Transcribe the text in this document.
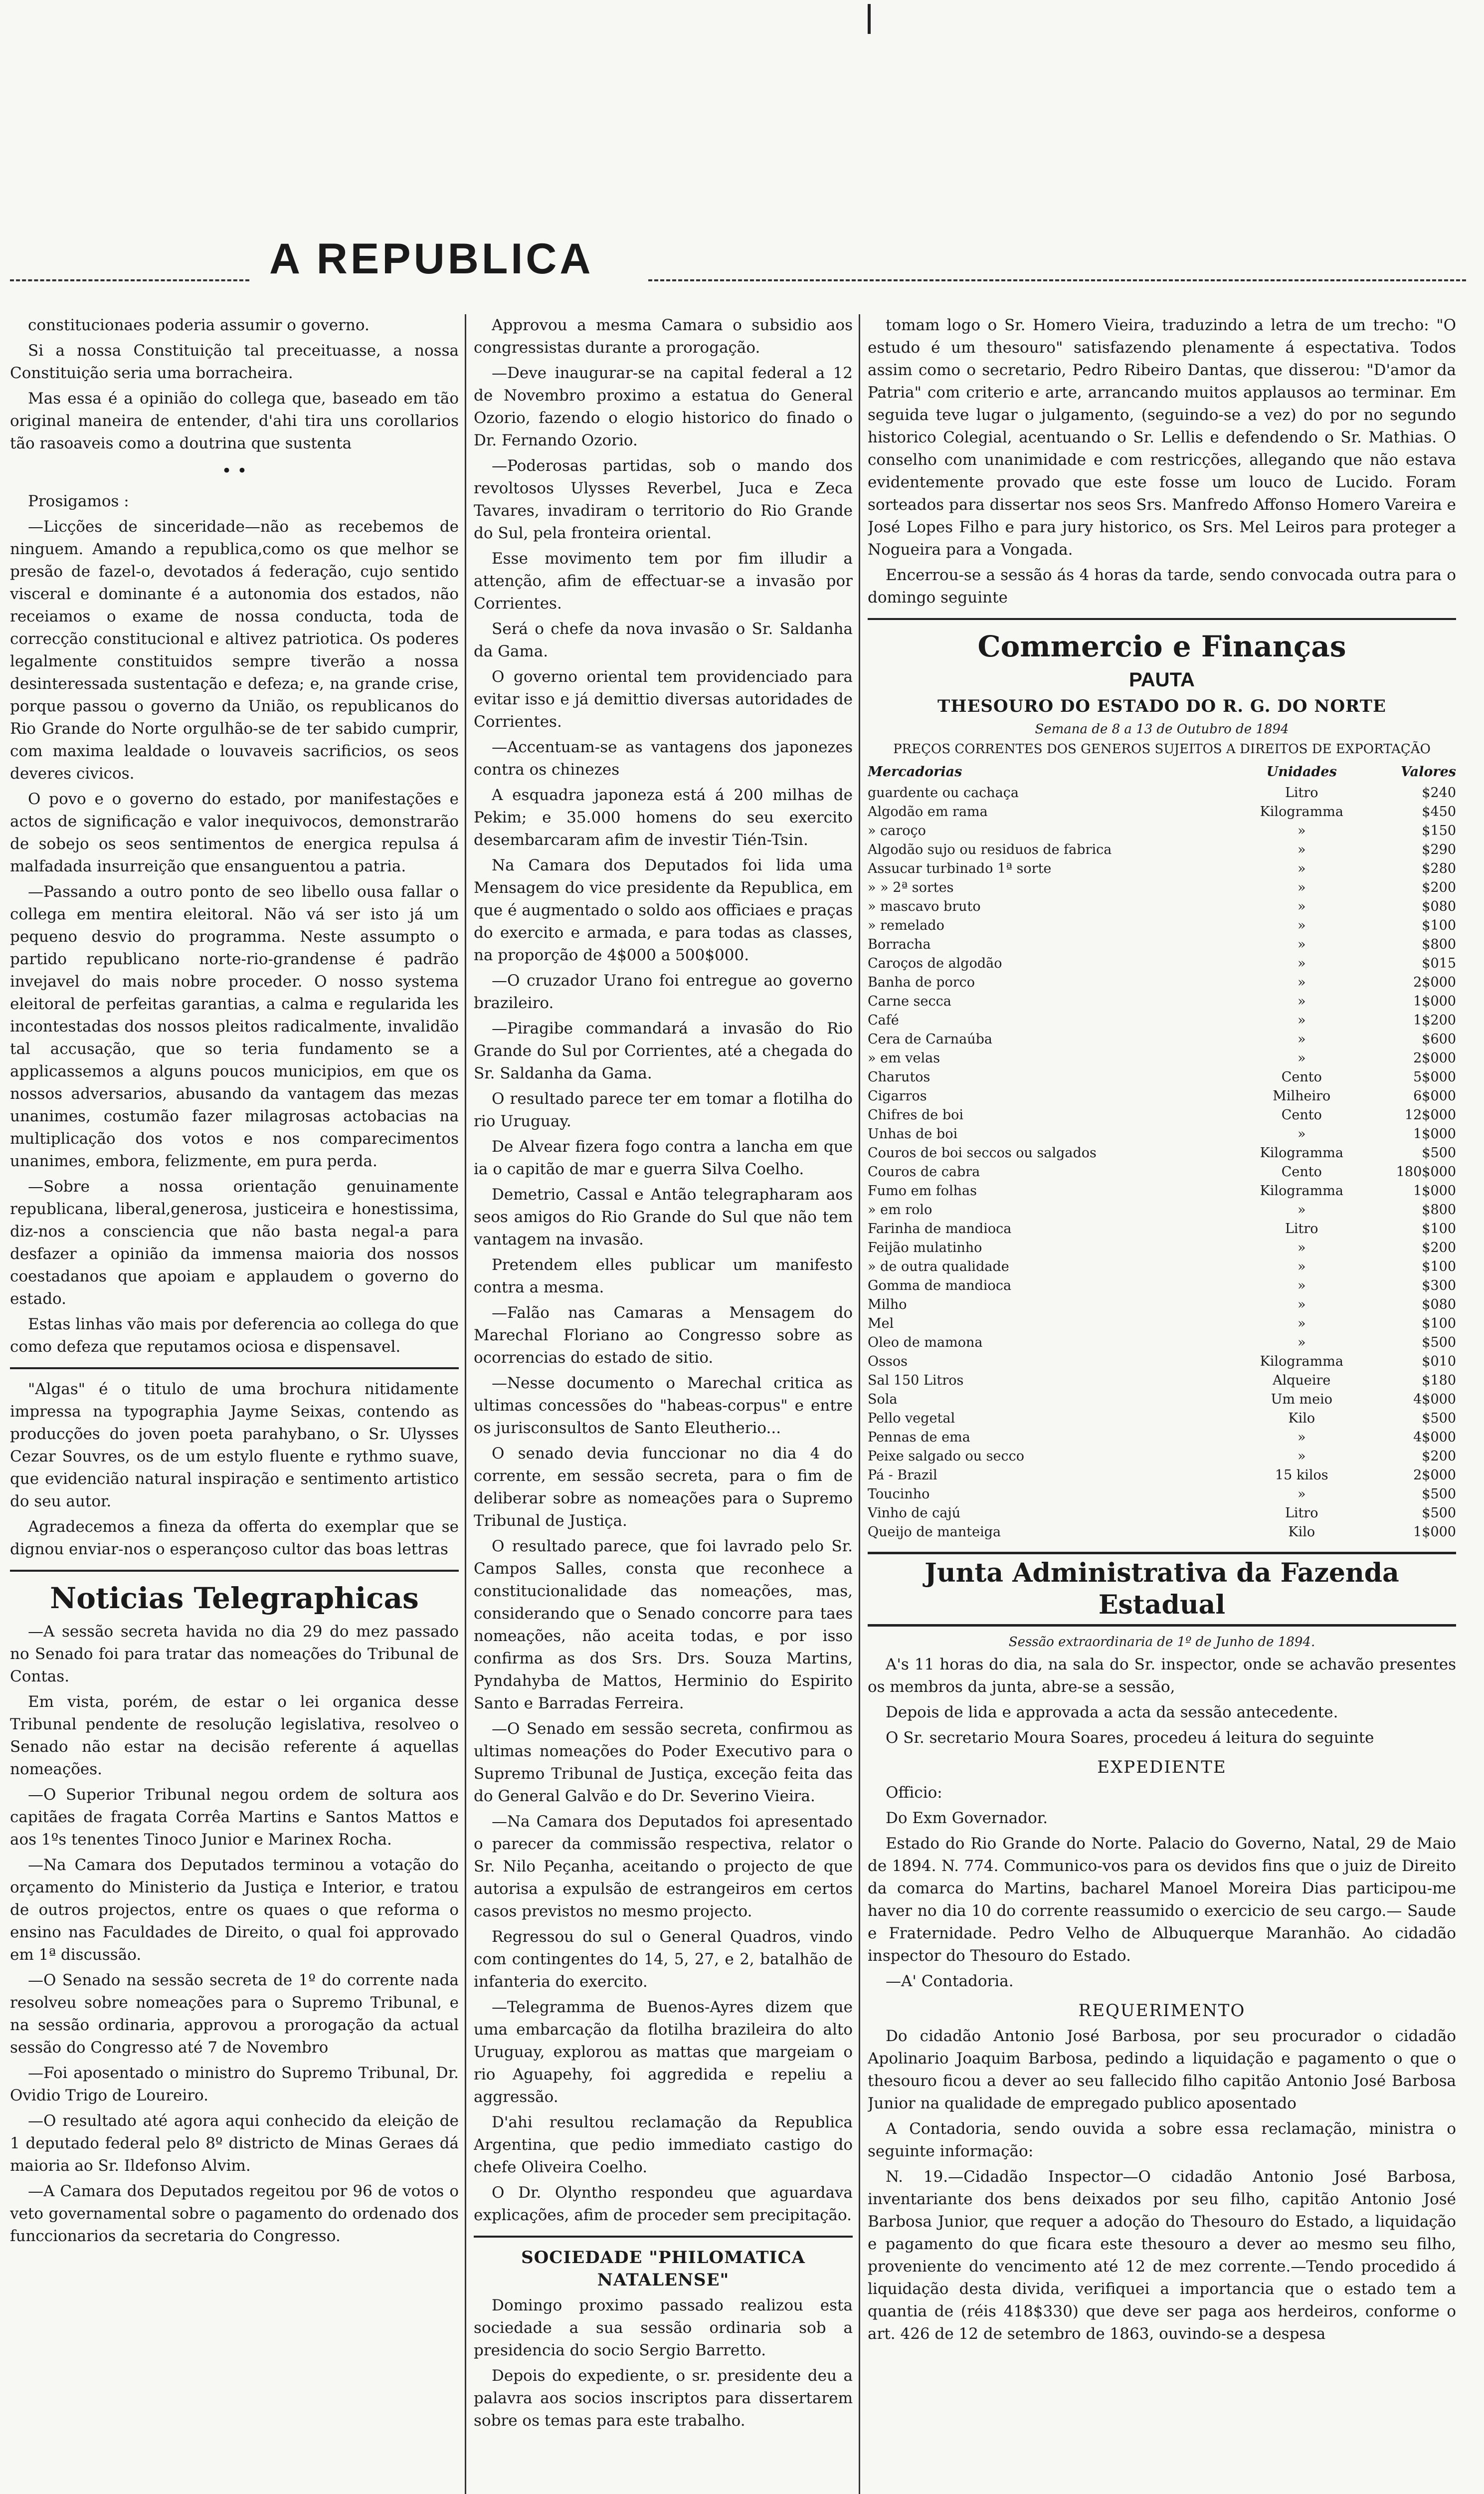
A REPUBLICA

constitucionaes poderia assumir o governo.

Si a nossa Constituição tal preceituasse, a nossa Constituição seria uma borracheira.

Mas essa é a opinião do collega que, baseado em tão original maneira de entender, d'ahi tira uns corollarios tão rasoaveis como a doutrina que sustenta

• •

Prosigamos :

—Licções de sinceridade—não as recebemos de ninguem. Amando a republica,como os que melhor se presão de fazel-o, devotados á federação, cujo sentido visceral e dominante é a autonomia dos estados, não receiamos o exame de nossa conducta, toda de correcção constitucional e altivez patriotica. Os poderes legalmente constituidos sempre tiverão a nossa desinteressada sustentação e defeza; e, na grande crise, porque passou o governo da União, os republicanos do Rio Grande do Norte orgulhão-se de ter sabido cumprir, com maxima lealdade o louvaveis sacrificios, os seos deveres civicos.

O povo e o governo do estado, por manifestações e actos de significação e valor inequivocos, demonstrarão de sobejo os seos sentimentos de energica repulsa á malfadada insurreição que ensanguentou a patria.

—Passando a outro ponto de seo libello ousa fallar o collega em mentira eleitoral. Não vá ser isto já um pequeno desvio do programma. Neste assumpto o partido republicano norte-rio-grandense é padrão invejavel do mais nobre proceder. O nosso systema eleitoral de perfeitas garantias, a calma e regularida les incontestadas dos nossos pleitos radicalmente, invalidão tal accusação, que so teria fundamento se a applicassemos a alguns poucos municipios, em que os nossos adversarios, abusando da vantagem das mezas unanimes, costumão fazer milagrosas actobacias na multiplicação dos votos e nos comparecimentos unanimes, embora, felizmente, em pura perda.

—Sobre a nossa orientação genuinamente republicana, liberal,generosa, justiceira e honestissima, diz-nos a consciencia que não basta negal-a para desfazer a opinião da immensa maioria dos nossos coestadanos que apoiam e applaudem o governo do estado.

Estas linhas vão mais por deferencia ao collega do que como defeza que reputamos ociosa e dispensavel.

"Algas" é o titulo de uma brochura nitidamente impressa na typographia Jayme Seixas, contendo as producções do joven poeta parahybano, o Sr. Ulysses Cezar Souvres, os de um estylo fluente e rythmo suave, que evidencião natural inspiração e sentimento artistico do seu autor.

Agradecemos a fineza da offerta do exemplar que se dignou enviar-nos o esperançoso cultor das boas lettras

Noticias Telegraphicas

—A sessão secreta havida no dia 29 do mez passado no Senado foi para tratar das nomeações do Tribunal de Contas.

Em vista, porém, de estar o lei organica desse Tribunal pendente de resolução legislativa, resolveo o Senado não estar na decisão referente á aquellas nomeações.

—O Superior Tribunal negou ordem de soltura aos capitães de fragata Corrêa Martins e Santos Mattos e aos 1ºs tenentes Tinoco Junior e Marinex Rocha.

—Na Camara dos Deputados terminou a votação do orçamento do Ministerio da Justiça e Interior, e tratou de outros projectos, entre os quaes o que reforma o ensino nas Faculdades de Direito, o qual foi approvado em 1ª discussão.

—O Senado na sessão secreta de 1º do corrente nada resolveu sobre nomeações para o Supremo Tribunal, e na sessão ordinaria, approvou a prorogação da actual sessão do Congresso até 7 de Novembro

—Foi aposentado o ministro do Supremo Tribunal, Dr. Ovidio Trigo de Loureiro.

—O resultado até agora aqui conhecido da eleição de 1 deputado federal pelo 8º districto de Minas Geraes dá maioria ao Sr. Ildefonso Alvim.

—A Camara dos Deputados regeitou por 96 de votos o veto governamental sobre o pagamento do ordenado dos funccionarios da secretaria do Congresso.

Approvou a mesma Camara o subsidio aos congressistas durante a prorogação.

—Deve inaugurar-se na capital federal a 12 de Novembro proximo a estatua do General Ozorio, fazendo o elogio historico do finado o Dr. Fernando Ozorio.

—Poderosas partidas, sob o mando dos revoltosos Ulysses Reverbel, Juca e Zeca Tavares, invadiram o territorio do Rio Grande do Sul, pela fronteira oriental.

Esse movimento tem por fim illudir a attenção, afim de effectuar-se a invasão por Corrientes.

Será o chefe da nova invasão o Sr. Saldanha da Gama.

O governo oriental tem providenciado para evitar isso e já demittio diversas autoridades de Corrientes.

—Accentuam-se as vantagens dos japonezes contra os chinezes

A esquadra japoneza está á 200 milhas de Pekim; e 35.000 homens do seu exercito desembarcaram afim de investir Tién-Tsin.

Na Camara dos Deputados foi lida uma Mensagem do vice presidente da Republica, em que é augmentado o soldo aos officiaes e praças do exercito e armada, e para todas as classes, na proporção de 4$000 a 500$000.

—O cruzador Urano foi entregue ao governo brazileiro.

—Piragibe commandará a invasão do Rio Grande do Sul por Corrientes, até a chegada do Sr. Saldanha da Gama.

O resultado parece ter em tomar a flotilha do rio Uruguay.

De Alvear fizera fogo contra a lancha em que ia o capitão de mar e guerra Silva Coelho.

Demetrio, Cassal e Antão telegrapharam aos seos amigos do Rio Grande do Sul que não tem vantagem na invasão.

Pretendem elles publicar um manifesto contra a mesma.

—Falão nas Camaras a Mensagem do Marechal Floriano ao Congresso sobre as ocorrencias do estado de sitio.

—Nesse documento o Marechal critica as ultimas concessões do "habeas-corpus" e entre os jurisconsultos de Santo Eleutherio...

O senado devia funccionar no dia 4 do corrente, em sessão secreta, para o fim de deliberar sobre as nomeações para o Supremo Tribunal de Justiça.

O resultado parece, que foi lavrado pelo Sr. Campos Salles, consta que reconhece a constitucionalidade das nomeações, mas, considerando que o Senado concorre para taes nomeações, não aceita todas, e por isso confirma as dos Srs. Drs. Souza Martins, Pyndahyba de Mattos, Herminio do Espirito Santo e Barradas Ferreira.

—O Senado em sessão secreta, confirmou as ultimas nomeações do Poder Executivo para o Supremo Tribunal de Justiça, exceção feita das do General Galvão e do Dr. Severino Vieira.

—Na Camara dos Deputados foi apresentado o parecer da commissão respectiva, relator o Sr. Nilo Peçanha, aceitando o projecto de que autorisa a expulsão de estrangeiros em certos casos previstos no mesmo projecto.

Regressou do sul o General Quadros, vindo com contingentes do 14, 5, 27, e 2, batalhão de infanteria do exercito.

—Telegramma de Buenos-Ayres dizem que uma embarcação da flotilha brazileira do alto Uruguay, explorou as mattas que margeiam o rio Aguapehy, foi aggredida e repeliu a aggressão.

D'ahi resultou reclamação da Republica Argentina, que pedio immediato castigo do chefe Oliveira Coelho.

O Dr. Olyntho respondeu que aguardava explicações, afim de proceder sem precipitação.

SOCIEDADE "PHILOMATICA NATALENSE"

Domingo proximo passado realizou esta sociedade a sua sessão ordinaria sob a presidencia do socio Sergio Barretto.

Depois do expediente, o sr. presidente deu a palavra aos socios inscriptos para dissertarem sobre os temas para este trabalho.

tomam logo o Sr. Homero Vieira, traduzindo a letra de um trecho: "O estudo é um thesouro" satisfazendo plenamente á espectativa. Todos assim como o secretario, Pedro Ribeiro Dantas, que disserou: "D'amor da Patria" com criterio e arte, arrancando muitos applausos ao terminar. Em seguida teve lugar o julgamento, (seguindo-se a vez) do por no segundo historico Colegial, acentuando o Sr. Lellis e defendendo o Sr. Mathias. O conselho com unanimidade e com restricções, allegando que não estava evidentemente provado que este fosse um louco de Lucido. Foram sorteados para dissertar nos seos Srs. Manfredo Affonso Homero Vareira e José Lopes Filho e para jury historico, os Srs. Mel Leiros para proteger a Nogueira para a Vongada.

Encerrou-se a sessão ás 4 horas da tarde, sendo convocada outra para o domingo seguinte

Commercio e Finanças
PAUTA
THESOURO DO ESTADO DO R. G. DO NORTE
Semana de 8 a 13 de Outubro de 1894
PREÇOS CORRENTES DOS GENEROS SUJEITOS A DIREITOS DE EXPORTAÇÃO
Mercadorias	Unidades	Valores
guardente ou cachaça	Litro	$240
Algodão em rama	Kilogramma	$450
» caroço	»	$150
Algodão sujo ou residuos de fabrica	»	$290
Assucar turbinado 1ª sorte	»	$280
» » 2ª sortes	»	$200
» mascavo bruto	»	$080
» remelado	»	$100
Borracha	»	$800
Caroços de algodão	»	$015
Banha de porco	»	2$000
Carne secca	»	1$000
Café	»	1$200
Cera de Carnaúba	»	$600
» em velas	»	2$000
Charutos	Cento	5$000
Cigarros	Milheiro	6$000
Chifres de boi	Cento	12$000
Unhas de boi	»	1$000
Couros de boi seccos ou salgados	Kilogramma	$500
Couros de cabra	Cento	180$000
Fumo em folhas	Kilogramma	1$000
» em rolo	»	$800
Farinha de mandioca	Litro	$100
Feijão mulatinho	»	$200
» de outra qualidade	»	$100
Gomma de mandioca	»	$300
Milho	»	$080
Mel	»	$100
Oleo de mamona	»	$500
Ossos	Kilogramma	$010
Sal 150 Litros	Alqueire	$180
Sola	Um meio	4$000
Pello vegetal	Kilo	$500
Pennas de ema	»	4$000
Peixe salgado ou secco	»	$200
Pá - Brazil	15 kilos	2$000
Toucinho	»	$500
Vinho de cajú	Litro	$500
Queijo de manteiga	Kilo	1$000
Junta Administrativa da Fazenda Estadual
Sessão extraordinaria de 1º de Junho de 1894.

A's 11 horas do dia, na sala do Sr. inspector, onde se achavão presentes os membros da junta, abre-se a sessão,

Depois de lida e approvada a acta da sessão antecedente.

O Sr. secretario Moura Soares, procedeu á leitura do seguinte

EXPEDIENTE

Officio:

Do Exm Governador.

Estado do Rio Grande do Norte. Palacio do Governo, Natal, 29 de Maio de 1894. N. 774. Communico-vos para os devidos fins que o juiz de Direito da comarca do Martins, bacharel Manoel Moreira Dias participou-me haver no dia 10 do corrente reassumido o exercicio de seu cargo.— Saude e Fraternidade. Pedro Velho de Albuquerque Maranhão. Ao cidadão inspector do Thesouro do Estado.

—A' Contadoria.

REQUERIMENTO

Do cidadão Antonio José Barbosa, por seu procurador o cidadão Apolinario Joaquim Barbosa, pedindo a liquidação e pagamento o que o thesouro ficou a dever ao seu fallecido filho capitão Antonio José Barbosa Junior na qualidade de empregado publico aposentado

A Contadoria, sendo ouvida a sobre essa reclamação, ministra o seguinte informação:

N. 19.—Cidadão Inspector—O cidadão Antonio José Barbosa, inventariante dos bens deixados por seu filho, capitão Antonio José Barbosa Junior, que requer a adoção do Thesouro do Estado, a liquidação e pagamento do que ficara este thesouro a dever ao mesmo seu filho, proveniente do vencimento até 12 de mez corrente.—Tendo procedido á liquidação desta divida, verifiquei a importancia que o estado tem a quantia de (réis 418$330) que deve ser paga aos herdeiros, conforme o art. 426 de 12 de setembro de 1863, ouvindo-se a despesa
